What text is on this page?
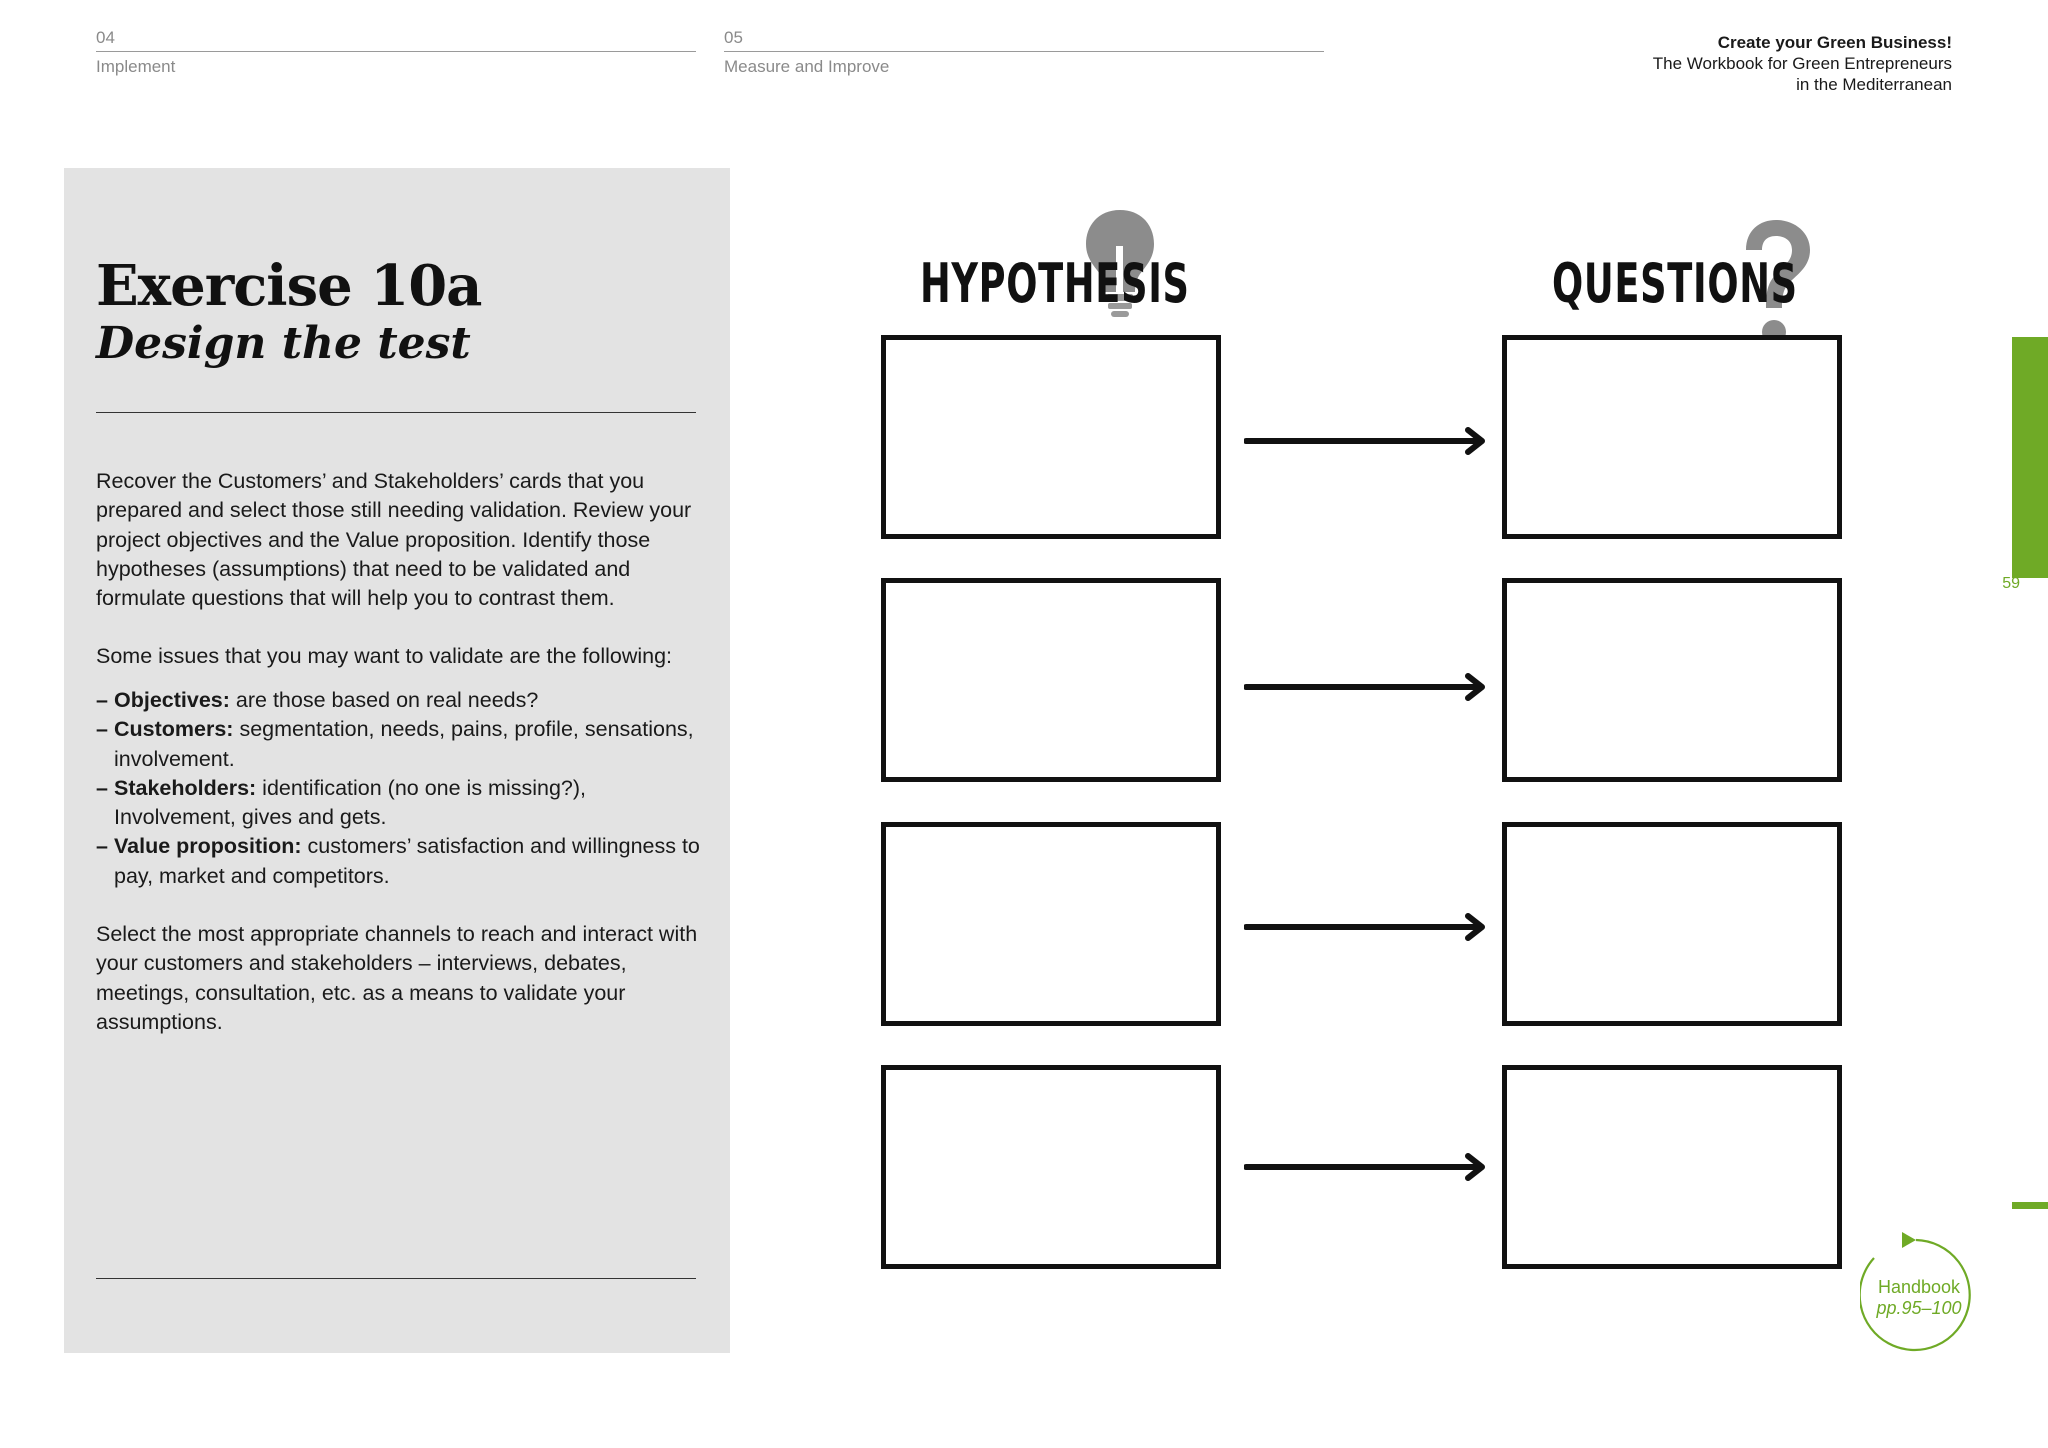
04
Implement
05
Measure and Improve
Create your Green Business!
The Workbook for Green Entrepreneurs
in the Mediterranean
Exercise 10a
Design the test

Recover the Customers’ and Stakeholders’ cards that you prepared and select those still needing validation. Review your project objectives and the Value proposition. Identify those hypotheses (assumptions) that need to be validated and formulate questions that will help you to contrast them.

Some issues that you may want to validate are the following:

– Objectives: are those based on real needs?
– Customers: segmentation, needs, pains, profile, sensations, involvement.
– Stakeholders: identification (no one is missing?), Involvement, gives and gets.
– Value proposition: customers’ satisfaction and willingness to pay, market and competitors.
Select the most appropriate channels to reach and interact with your customers and stakeholders – interviews, debates, meetings, consultation, etc. as a means to validate your assumptions.
HYPOTHESIS	QUESTIONS
59
Handbook
pp.95–100
